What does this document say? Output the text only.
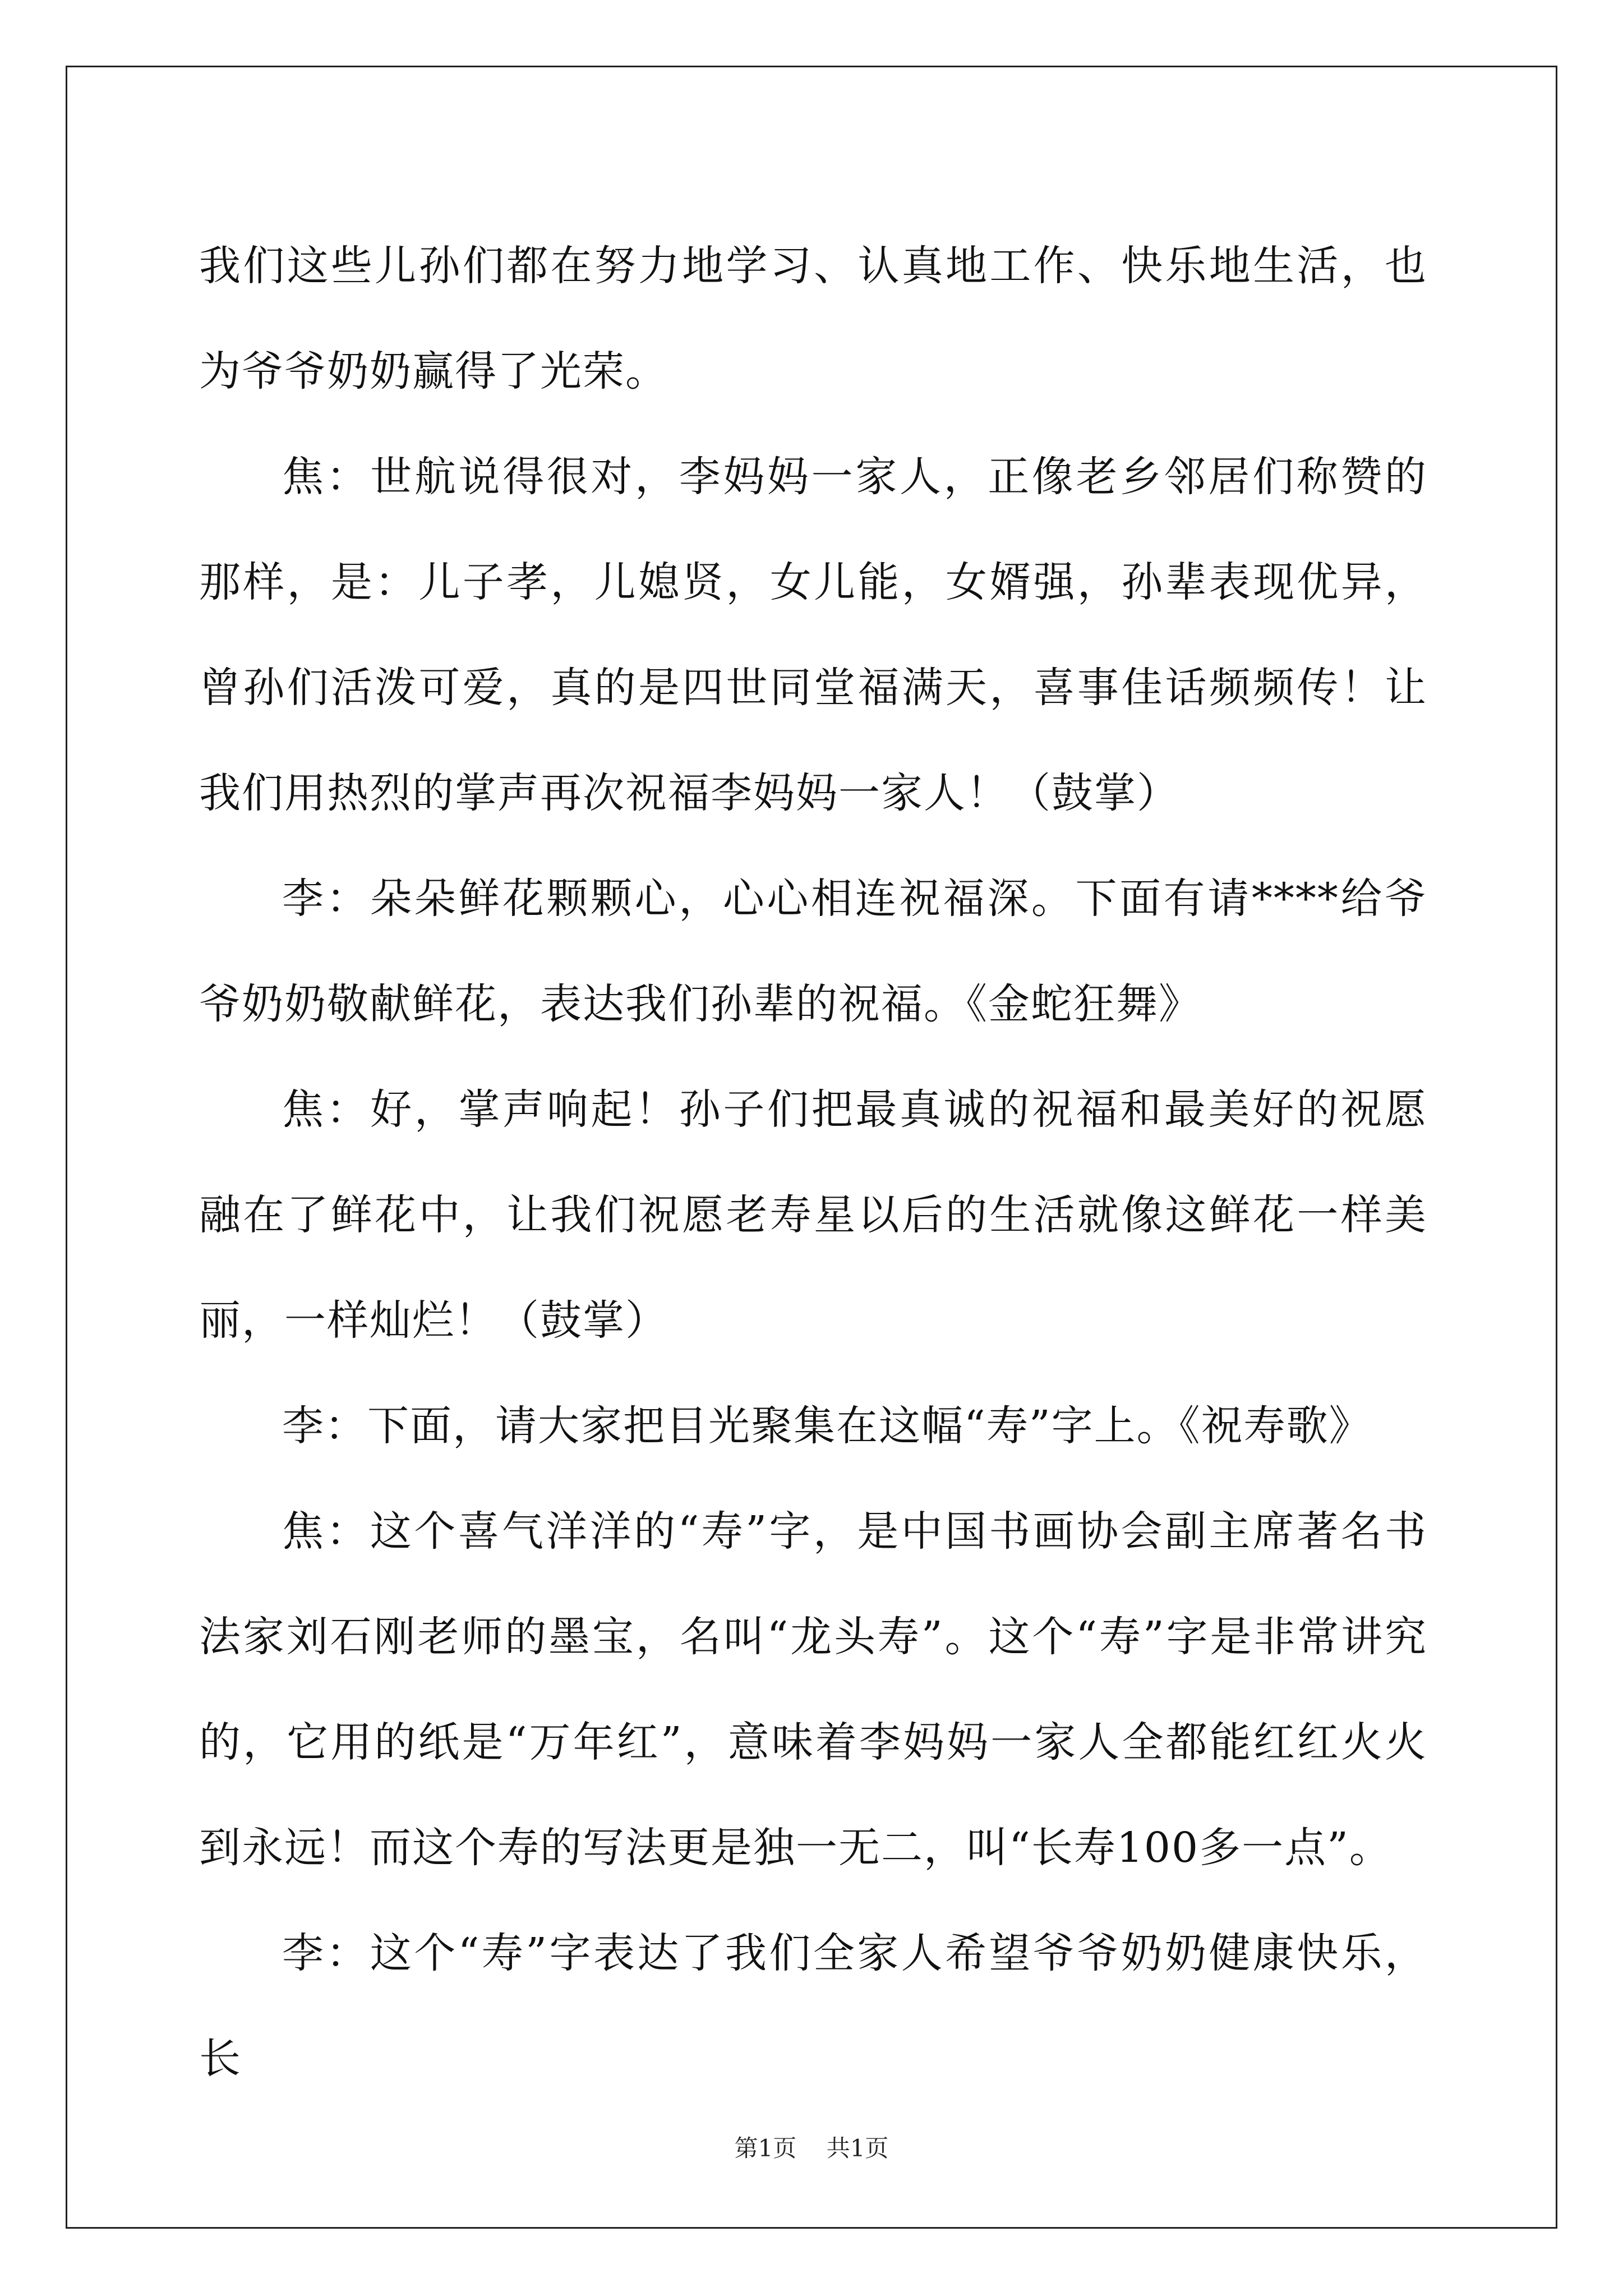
我们这些儿孙们都在努力地学习、认真地工作、快乐地生活，也为爷爷奶奶赢得了光荣。

焦：世航说得很对，李妈妈一家人，正像老乡邻居们称赞的那样，是：儿子孝，儿媳贤，女儿能，女婿强，孙辈表现优异，曾孙们活泼可爱，真的是四世同堂福满天，喜事佳话频频传！让我们用热烈的掌声再次祝福李妈妈一家人！（鼓掌）

李：朵朵鲜花颗颗心，心心相连祝福深。下面有请****给爷爷奶奶敬献鲜花，表达我们孙辈的祝福。《金蛇狂舞》

焦：好，掌声响起！孙子们把最真诚的祝福和最美好的祝愿融在了鲜花中，让我们祝愿老寿星以后的生活就像这鲜花一样美丽，一样灿烂！（鼓掌）

李：下面，请大家把目光聚集在这幅“寿”字上。《祝寿歌》

焦：这个喜气洋洋的“寿”字，是中国书画协会副主席著名书法家刘石刚老师的墨宝，名叫“龙头寿”。这个“寿”字是非常讲究的，它用的纸是“万年红”，意味着李妈妈一家人全都能红红火火到永远！而这个寿的写法更是独一无二，叫“长寿100多一点”。

李：这个“寿”字表达了我们全家人希望爷爷奶奶健康快乐，长

第1页 共1页
